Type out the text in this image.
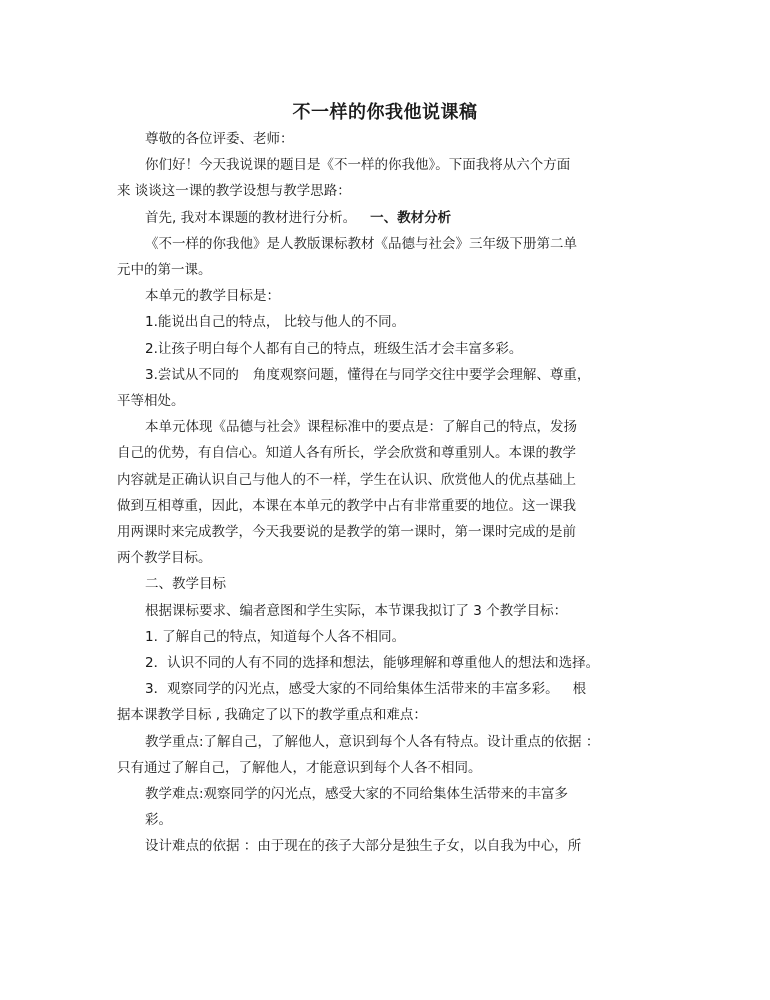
不一样的你我他说课稿

尊敬的各位评委、老师：

你们好！今天我说课的题目是《不一样的你我他》。下面我将从六个方面

来 谈谈这一课的教学设想与教学思路：

首先, 我对本课题的教材进行分析。 一、教材分析

《不一样的你我他》是人教版课标教材《品德与社会》三年级下册第二单

元中的第一课。

本单元的教学目标是：

1.能说出自己的特点， 比较与他人的不同。

2.让孩子明白每个人都有自己的特点，班级生活才会丰富多彩。

3.尝试从不同的 角度观察问题，懂得在与同学交往中要学会理解、尊重，

平等相处。

本单元体现《品德与社会》课程标准中的要点是：了解自己的特点，发扬

自己的优势，有自信心。知道人各有所长，学会欣赏和尊重别人。本课的教学

内容就是正确认识自己与他人的不一样，学生在认识、欣赏他人的优点基础上

做到互相尊重，因此，本课在本单元的教学中占有非常重要的地位。这一课我

用两课时来完成教学，今天我要说的是教学的第一课时，第一课时完成的是前

两个教学目标。

二、教学目标

根据课标要求、编者意图和学生实际，本节课我拟订了 3 个教学目标：

1. 了解自己的特点，知道每个人各不相同。

2．认识不同的人有不同的选择和想法，能够理解和尊重他人的想法和选择。

3．观察同学的闪光点，感受大家的不同给集体生活带来的丰富多彩。 根

据本课教学目标 , 我确定了以下的教学重点和难点：

教学重点:了解自己，了解他人，意识到每个人各有特点。设计重点的依据 ：

只有通过了解自己，了解他人，才能意识到每个人各不相同。

教学难点:观察同学的闪光点，感受大家的不同给集体生活带来的丰富多

彩。

设计难点的依据 ：由于现在的孩子大部分是独生子女，以自我为中心，所
